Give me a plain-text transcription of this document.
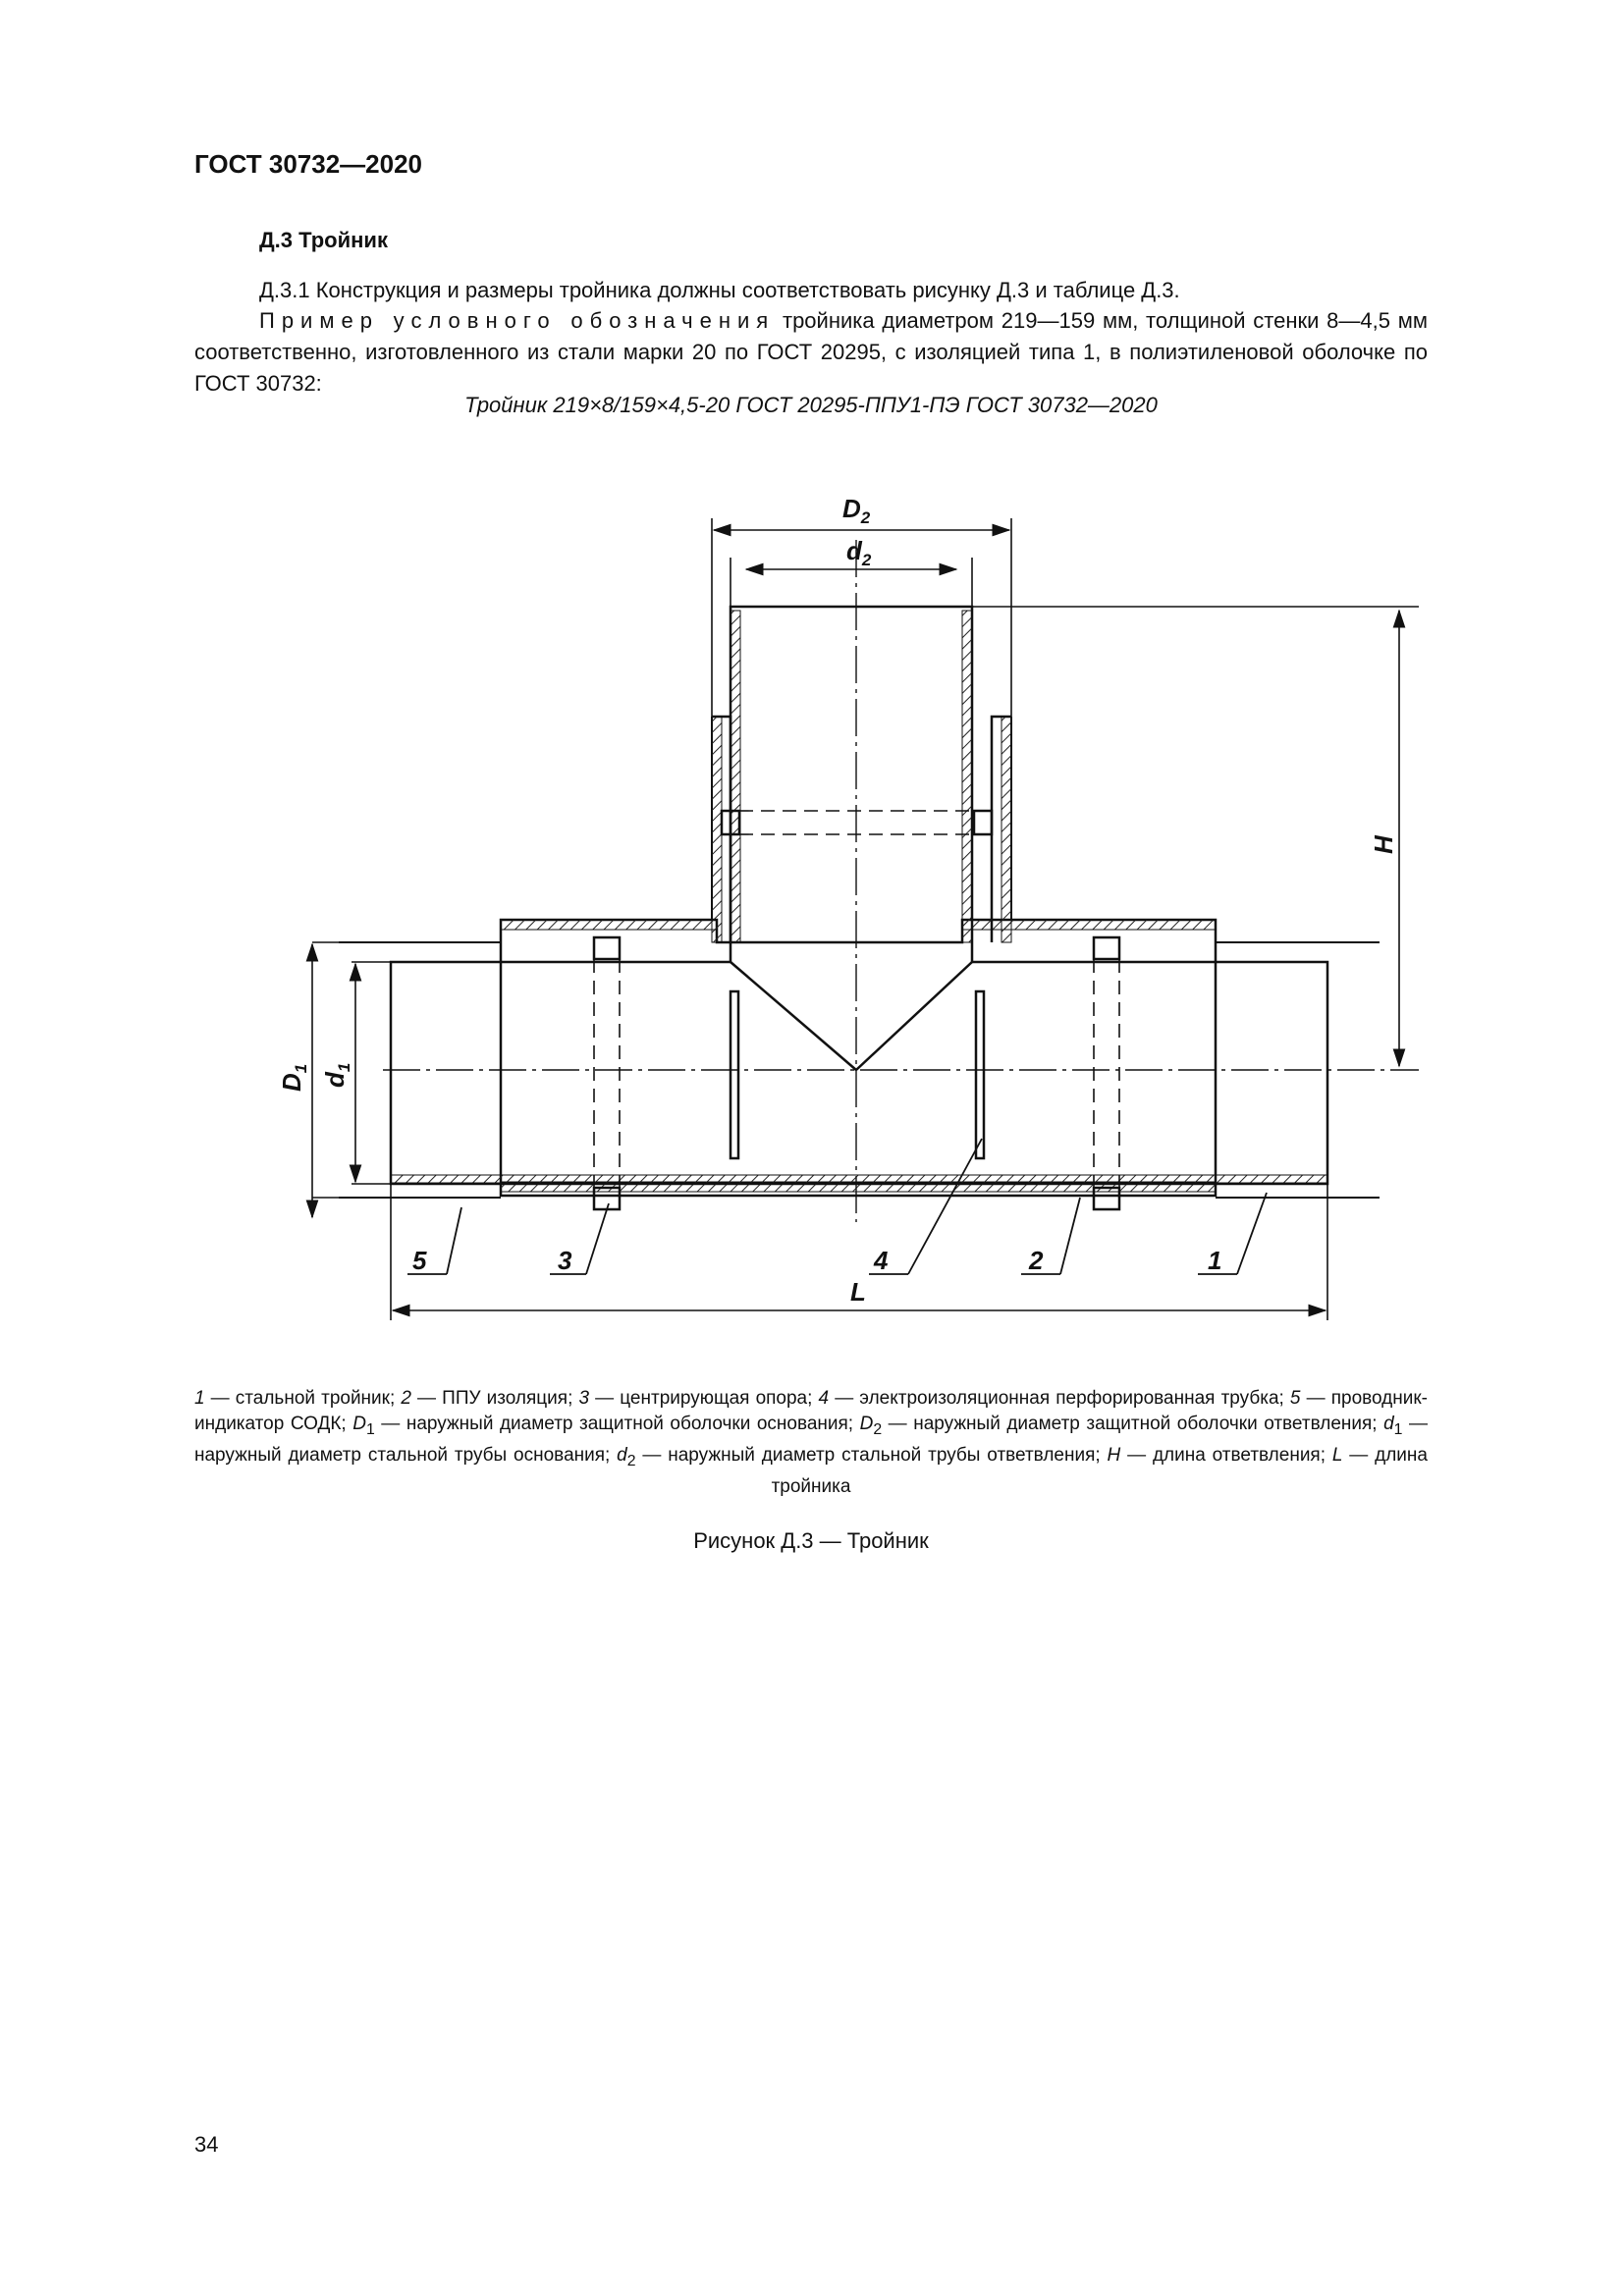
ГОСТ 30732—2020
Д.3 Тройник
Д.3.1 Конструкция и размеры тройника должны соответствовать рисунку Д.3 и таблице Д.3.
Пример условного обозначения тройника диаметром 219—159 мм, толщиной стенки 8—4,5 мм соответственно, изготовленного из стали марки 20 по ГОСТ 20295, с изоляцией типа 1, в полиэтиленовой оболочке по ГОСТ 30732:
Тройник 219×8/159×4,5-20 ГОСТ 20295-ППУ1-ПЭ ГОСТ 30732—2020
$D_2$
$d_2$
H
$D_1$
$d_1$
L
5	3	4	2	1
1 — стальной тройник; 2 — ППУ изоляция; 3 — центрирующая опора; 4 — электроизоляционная перфорированная трубка; 5 — проводник-индикатор СОДК; $D_1$ — наружный диаметр защитной оболочки основания; $D_2$ — наружный диаметр защитной оболочки ответвления; $d_1$ — наружный диаметр стальной трубы основания; $d_2$ — наружный диаметр стальной трубы ответвления; H — длина ответвления; L — длина тройника
Рисунок Д.3 — Тройник
34
